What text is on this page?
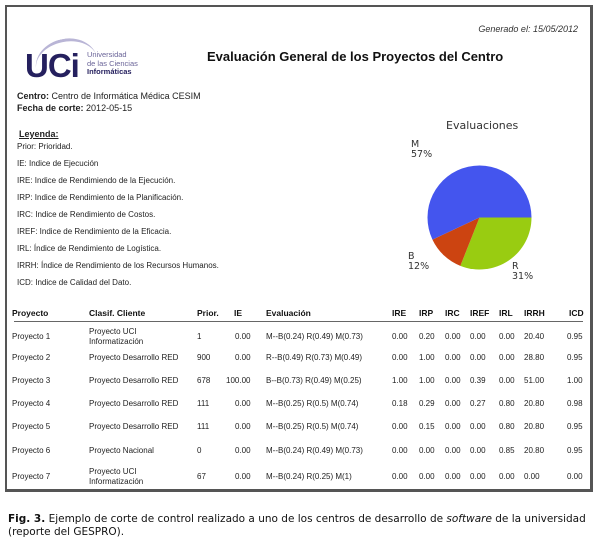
Generado el: 15/05/2012
UCi Universidad
de las Ciencias
Informáticas
Evaluación General de los Proyectos del Centro
Centro: Centro de Informática Médica CESIM
Fecha de corte: 2012-05-15
Leyenda:
Prior: Prioridad.
IE: Indice de Ejecución
IRE: Indice de Rendimiendo de la Ejecución.
IRP: Indice de Rendimiento de la Planificación.
IRC: Indice de Rendimiento de Costos.
IREF: Indice de Rendimiento de la Eficacia.
IRL: Índice de Rendimiento de Logística.
IRRH: Índice de Rendimiento de los Recursos Humanos.
ICD: Indice de Calidad del Dato.
Evaluaciones
M
57%
R
31%
B
12%
Proyecto	Clasif. Cliente	Prior. IE	Evaluación	IRE IRP IRC IREF IRL IRRH	ICD
Proyecto 1
Proyecto UCI
Informatización
1	0.00 M--B(0.24) R(0.49) M(0.73)	0.00 0.20 0.00 0.00 0.00 20.40	0.95
Proyecto 2	Proyecto Desarrollo RED 900	0.00 R--B(0.49) R(0.73) M(0.49)	0.00 1.00 0.00 0.00 0.00 28.80	0.95
Proyecto 3	Proyecto Desarrollo RED 678 100.00 B--B(0.73) R(0.49) M(0.25)	1.00 1.00 0.00 0.39 0.00 51.00	1.00
Proyecto 4	Proyecto Desarrollo RED 111	0.00 M--B(0.25) R(0.5) M(0.74)	0.18 0.29 0.00 0.27 0.80 20.80	0.98
Proyecto 5	Proyecto Desarrollo RED 111	0.00 M--B(0.25) R(0.5) M(0.74)	0.00 0.15 0.00 0.00 0.80 20.80	0.95
Proyecto 6	Proyecto Nacional	0	0.00 M--B(0.24) R(0.49) M(0.73)	0.00 0.00 0.00 0.00 0.85 20.80	0.95
Proyecto 7
Proyecto UCI
Informatización
67	0.00 M--B(0.24) R(0.25) M(1)	0.00 0.00 0.00 0.00 0.00 0.00	0.00
Fig. 3. Ejemplo de corte de control realizado a uno de los centros de desarrollo de software de la universidad (reporte del GESPRO).
